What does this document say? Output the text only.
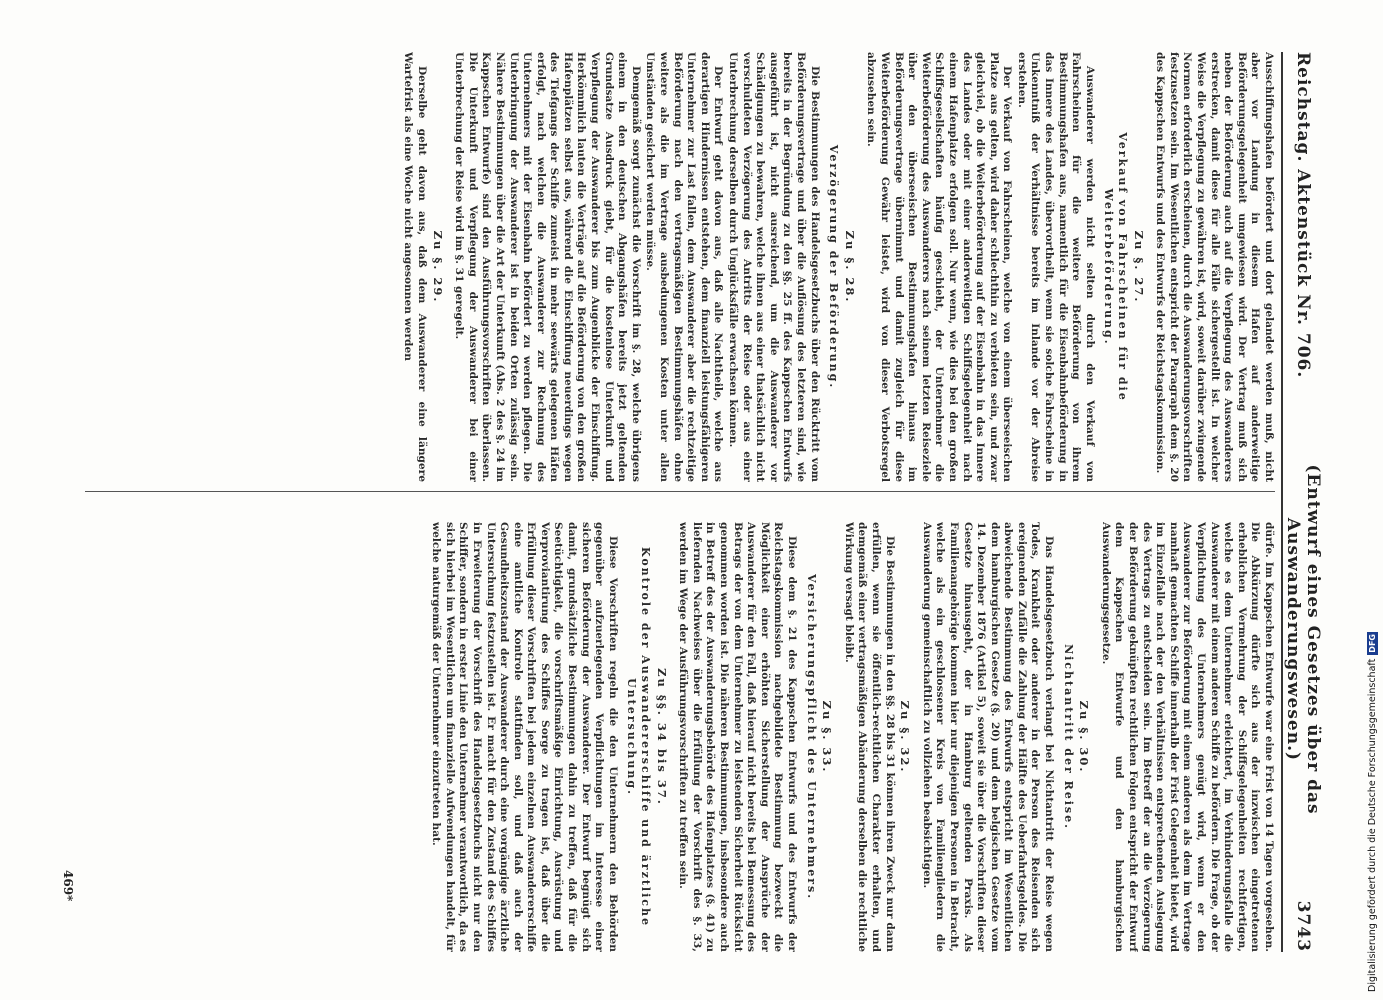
Reichstag. Aktenstück Nr. 706.
(Entwurf eines Gesetzes über das Auswanderungswesen.)
3743

Ausschiffungshafen befördert und dort gelandet werden muß, nicht aber vor Landung in diesem Hafen auf anderweitige Beförderungsgelegenheit umgewiesen wird. Der Vertrag muß sich neben der Beförderung auch auf die Verpflegung des Auswanderers erstrecken, damit diese für alle Fälle sichergestellt ist. In welcher Weise die Verpflegung zu gewähren ist, wird, soweit darüber zwingende Normen erforderlich erscheinen, durch die Auswanderungsvorschriften festzusetzen sein. Im Wesentlichen entspricht der Paragraph dem §. 20 des Kappschen Entwurfs und des Entwurfs der Reichstagskommission.

Zu §. 27.
Verkauf von Fahrscheinen für die Weiterbeförderung.

Auswanderer werden nicht selten durch den Verkauf von Fahrscheinen für die weitere Beförderung von ihrem Bestimmungshafen aus, namentlich für die Eisenbahnbeförderung in das Innere des Landes, übervortheilt, wenn sie solche Fahrscheine in Unkenntniß der Verhältnisse bereits im Inlande vor der Abreise erstehen.

Der Verkauf von Fahrscheinen, welche von einem überseeischen Platze aus gelten, wird daher schlechthin zu verbieten sein, und zwar gleichviel, ob die Weiterbeförderung auf der Eisenbahn in das Innere des Landes oder mit einer anderweitigen Schiffsgelegenheit nach einem Hafenplatze erfolgen soll. Nur wenn, wie dies bei den großen Schiffsgesellschaften häufig geschieht, der Unternehmer die Weiterbeförderung des Auswanderers nach seinem letzten Reiseziele über den überseeischen Bestimmungshafen hinaus im Beförderungsvertrage übernimmt und damit zugleich für diese Weiterbeförderung Gewähr leistet, wird von dieser Verbotsregel abzusehen sein.

Zu §. 28.
Verzögerung der Beförderung.

Die Bestimmungen des Handelsgesetzbuchs über den Rücktritt vom Beförderungsvertrage und über die Auflösung des letzteren sind, wie bereits in der Begründung zu den §§. 25 ff. des Kappschen Entwurfs ausgeführt ist, nicht ausreichend, um die Auswanderer vor Schädigungen zu bewahren, welche ihnen aus einer thatsächlich nicht verschuldeten Verzögerung des Antritts der Reise oder aus einer Unterbrechung derselben durch Unglücksfälle erwachsen können.

Der Entwurf geht davon aus, daß alle Nachtheile, welche aus derartigen Hindernissen entstehen, dem finanziell leistungsfähigeren Unternehmer zur Last fallen, dem Auswanderer aber die rechtzeitige Beförderung nach den vertragsmäßigen Bestimmungshäfen ohne weitere als die im Vertrage ausbedungenen Kosten unter allen Umständen gesichert werden müsse.

Demgemäß sorgt zunächst die Vorschrift im §. 28, welche übrigens einem in den deutschen Abgangshäfen bereits jetzt geltenden Grundsatze Ausdruck giebt, für die kostenlose Unterkunft und Verpflegung der Auswanderer bis zum Augenblicke der Einschiffung. Herkömmlich lauten die Verträge auf die Beförderung von den großen Hafenplätzen selbst aus, während die Einschiffung neuerdings wegen des Tiefgangs der Schiffe zumeist in mehr seewärts gelegenen Häfen erfolgt, nach welchen die Auswanderer zur Rechnung des Unternehmers mit der Eisenbahn befördert zu werden pflegen. Die Unterbringung der Auswanderer ist in beiden Orten zulässig sein. Nähere Bestimmungen über die Art der Unterkunft (Abs. 2 des §. 24 im Kappschen Entwurfe) sind den Ausführungsvorschriften überlassen. Die Unterkunft und Verpflegung der Auswanderer bei einer Unterbrechung der Reise wird im §. 31 geregelt.

Zu §. 29.

Derselbe geht davon aus, daß dem Auswanderer eine längere Wartefrist als eine Woche nicht angesonnen werden

dürfe. Im Kappschen Entwurfe war eine Frist von 14 Tagen vorgesehen. Die Abkürzung dürfte sich aus der inzwischen eingetretenen erheblichen Vermehrung der Schiffsgelegenheiten rechtfertigen, welche es dem Unternehmer erleichtert, im Verhinderungsfalle die Auswanderer mit einem anderen Schiffe zu befördern. Die Frage, ob der Verpflichtung des Unternehmers genügt wird, wenn er den Auswanderer zur Beförderung mit einem anderen als dem im Vertrage namhaft gemachten Schiffe innerhalb der Frist Gelegenheit bietet, wird im Einzelfalle nach der den Verhältnissen entsprechenden Auslegung des Vertrags zu entscheiden sein. Im Betreff der an die Verzögerung der Beförderung geknüpften rechtlichen Folgen entspricht der Entwurf dem Kappschen Entwurfe und den hamburgischen Auswanderungsgesetze.

Zu §. 30.
Nichtantritt der Reise.

Das Handelsgesetzbuch verlangt bei Nichtantritt der Reise wegen Todes, Krankheit oder anderer in der Person des Reisenden sich ereignenden Zufälle die Zahlung der Hälfte des Ueberfahrtsgeldes. Die abweichende Bestimmung des Entwurfs entspricht im Wesentlichen dem hamburgischen Gesetze (§. 20) und dem belgischen Gesetze vom 14. Dezember 1876 (Artikel 5), soweit sie über die Vorschriften dieser Gesetze hinausgeht, der in Hamburg geltenden Praxis. Als Familienangehörige kommen hier nur diejenigen Personen in Betracht, welche als ein geschlossener Kreis von Familiengliedern die Auswanderung gemeinschaftlich zu vollziehen beabsichtigen.

Zu §. 32.

Die Bestimmungen in den §§. 28 bis 31 können ihren Zweck nur dann erfüllen, wenn sie öffentlich-rechtlichen Charakter erhalten, und demgemäß einer vertragsmäßigen Abänderung derselben die rechtliche Wirkung versagt bleibt.

Zu §. 33.
Versicherungspflicht des Unternehmers.

Diese dem §. 21 des Kappschen Entwurfs und des Entwurfs der Reichstagskommission nachgebildete Bestimmung bezweckt die Möglichkeit einer erhöhten Sicherstellung der Ansprüche der Auswanderer für den Fall, daß hierauf nicht bereits bei Bemessung des Betrags der von dem Unternehmer zu leistenden Sicherheit Rücksicht genommen worden ist. Die näheren Bestimmungen, insbesondere auch in Betreff des der Auswanderungsbehörde des Hafenplatzes (§. 41) zu liefernden Nachweises über die Erfüllung der Vorschrift des §. 33, werden im Wege der Ausführungsvorschriften zu treffen sein.

Zu §§. 34 bis 37.
Kontrole der Auswandererschiffe und ärztliche Untersuchung.

Diese Vorschriften regeln die den Unternehmern den Behörden gegenüber aufzuerlegenden Verpflichtungen im Interesse einer sicheren Beförderung der Auswanderer. Der Entwurf begnügt sich damit, grundsätzliche Bestimmungen dahin zu treffen, daß für die Seetüchtigkeit, die vorschriftsmäßige Einrichtung, Ausrüstung und Verproviantirung des Schiffes Sorge zu tragen ist, daß über die Erfüllung dieser Vorschriften bei jedem einzelnen Auswandererschiffe eine amtliche Kontrole stattfinden soll, und daß auch der Gesundheitszustand der Auswanderer durch eine vorgängige ärztliche Untersuchung festzustellen ist. Er macht für den Zustand des Schiffes in Erweiterung der Vorschrift des Handelsgesetzbuchs nicht nur den Schiffer, sondern in erster Linie den Unternehmer verantwortlich, da es sich hierbei im Wesentlichen um finanzielle Aufwendungen handelt, für welche naturgemäß der Unternehmer einzutreten hat.

469*	Digitalisierung gefördert durch die Deutsche Forschungsgemeinschaft
DFG
